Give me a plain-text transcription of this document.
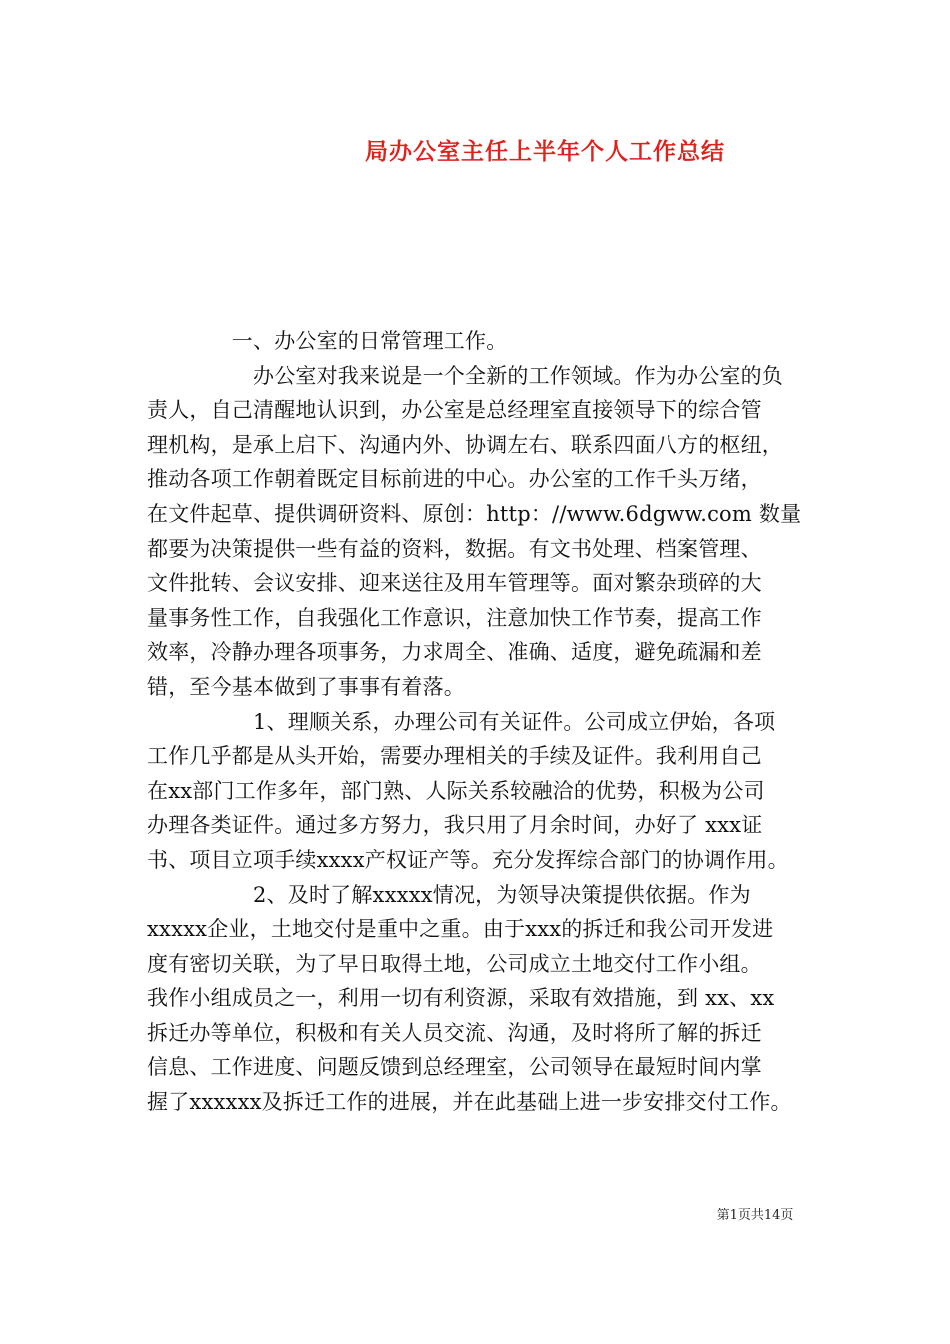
局办公室主任上半年个人工作总结
　　　　一、办公室的日常管理工作。
　　　　　办公室对我来说是一个全新的工作领域。作为办公室的负
责人，自己清醒地认识到，办公室是总经理室直接领导下的综合管
理机构，是承上启下、沟通内外、协调左右、联系四面八方的枢纽，
推动各项工作朝着既定目标前进的中心。办公室的工作千头万绪，
在文件起草、提供调研资料、原创：http：//www.6dgww.com 数量
都要为决策提供一些有益的资料，数据。有文书处理、档案管理、
文件批转、会议安排、迎来送往及用车管理等。面对繁杂琐碎的大
量事务性工作，自我强化工作意识，注意加快工作节奏，提高工作
效率，冷静办理各项事务，力求周全、准确、适度，避免疏漏和差
错，至今基本做到了事事有着落。
　　　　　1、理顺关系，办理公司有关证件。公司成立伊始，各项
工作几乎都是从头开始，需要办理相关的手续及证件。我利用自己
在xx部门工作多年，部门熟、人际关系较融洽的优势，积极为公司
办理各类证件。通过多方努力，我只用了月余时间，办好了 xxx证
书、项目立项手续xxxx产权证产等。充分发挥综合部门的协调作用。
　　　　　2、及时了解xxxxx情况，为领导决策提供依据。作为
xxxxx企业，土地交付是重中之重。由于xxx的拆迁和我公司开发进
度有密切关联，为了早日取得土地，公司成立土地交付工作小组。
我作小组成员之一，利用一切有利资源，采取有效措施，到 xx、xx
拆迁办等单位，积极和有关人员交流、沟通，及时将所了解的拆迁
信息、工作进度、问题反馈到总经理室，公司领导在最短时间内掌
握了xxxxxx及拆迁工作的进展，并在此基础上进一步安排交付工作。
第1页共14页
